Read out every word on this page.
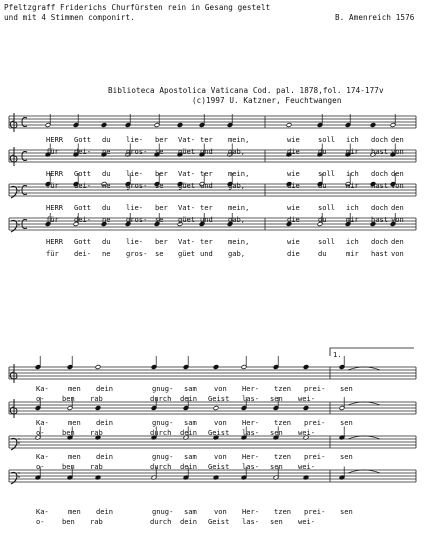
Pfeltzgraff Friderichs Churfürsten rein in Gesang gestelt
und mit 4 Stimmen componirt.	B. Amenreich 1576
Biblioteca Apostolica Vaticana Cod. pal. 1878,fol. 174-177v
(c)1997 U. Katzner, Feuchtwangen
HERR Gott du lie- ber Vat- ter mein,	wie	soll ich doch den
für dei- ne gros- se güet und gab,	die	du	mir hast von
HERR Gott du lie- ber Vat- ter mein,	wie	soll ich doch den
für dei- ne gros- se güet und gab,	die	du	mir hast von
HERR Gott du lie- ber Vat- ter mein,	wie	soll ich doch den
für dei- ne gros- se güet und gab,	die	du	mir hast von
HERR Gott du lie- ber Vat- ter mein,	wie	soll ich doch den
für dei- ne gros- se güet und gab,	die	du	mir hast von
1.
Ka-	men dein	gnug- sam von Her- tzen prei- sen
o- ben rab	durch dein Geist las- sen wei-
Ka-	men dein	gnug- sam von Her- tzen prei- sen
o- ben rab	durch dein Geist las- sen wei-
Ka-	men dein	gnug- sam von Her- tzen prei- sen
o- ben rab	durch dein Geist las- sen wei-
Ka-	men dein	gnug- sam von Her- tzen prei- sen
o- ben rab	durch dein Geist las- sen wei-
